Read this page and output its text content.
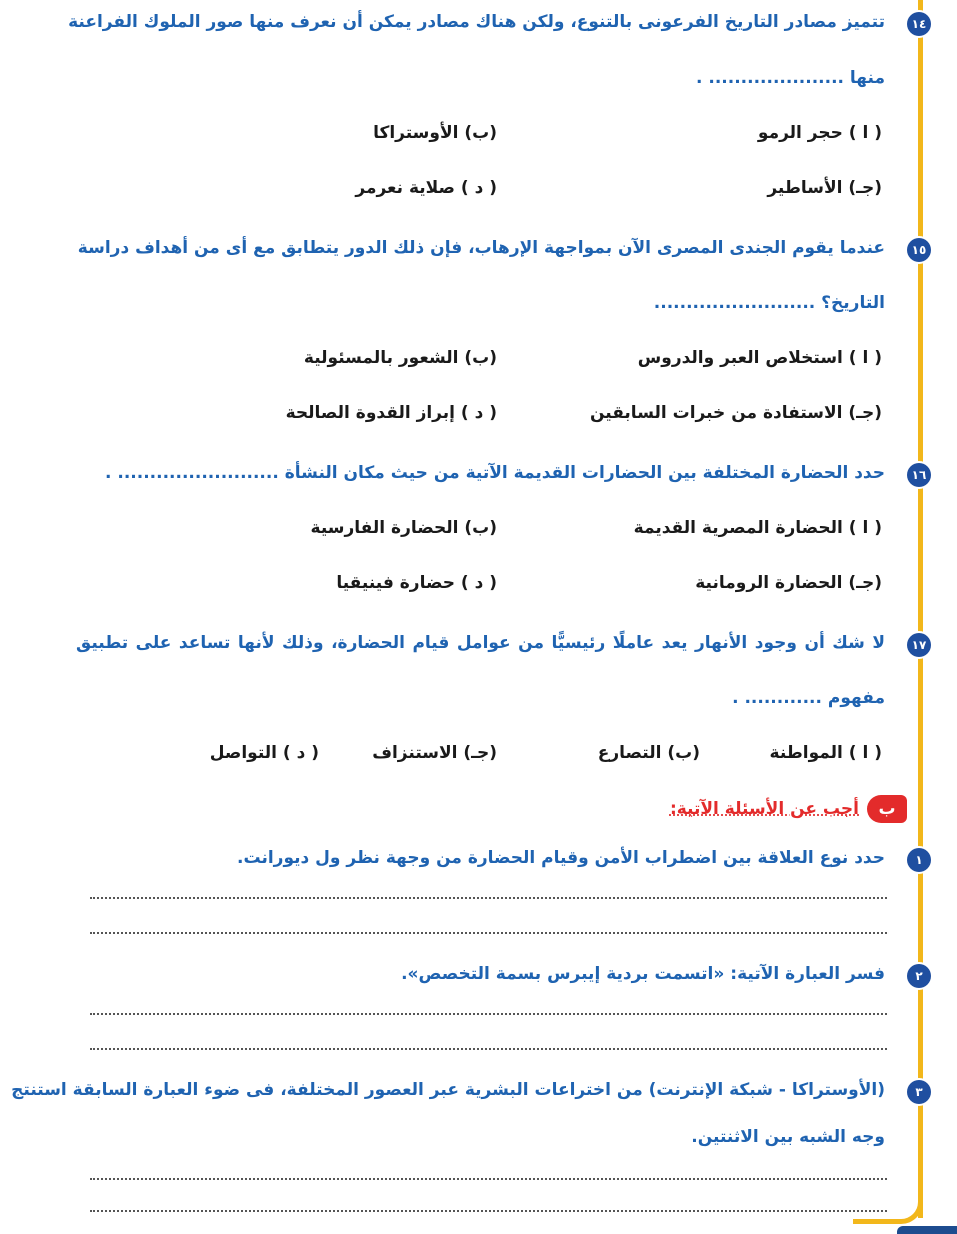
١٤
تتميز مصادر التاريخ الفرعونى بالتنوع، ولكن هناك مصادر يمكن أن نعرف منها صور الملوك الفراعنة
منها ..................... .
( ا ) حجر الرمو
(ب) الأوستراكا
(جـ) الأساطير
( د ) صلاية نعرمر
١٥
عندما يقوم الجندى المصرى الآن بمواجهة الإرهاب، فإن ذلك الدور يتطابق مع أى من أهداف دراسة
التاريخ؟ .........................
( ا ) استخلاص العبر والدروس
(ب) الشعور بالمسئولية
(جـ) الاستفادة من خبرات السابقين
( د ) إبراز القدوة الصالحة
١٦
حدد الحضارة المختلفة بين الحضارات القديمة الآتية من حيث مكان النشأة ......................... .
( ا ) الحضارة المصرية القديمة
(ب) الحضارة الفارسية
(جـ) الحضارة الرومانية
( د ) حضارة فينيقيا
١٧
لا شك أن وجود الأنهار يعد عاملًا رئيسيًّا من عوامل قيام الحضارة، وذلك لأنها تساعد على تطبيق
مفهوم ............ .
( ا ) المواطنة
(ب) التصارع
(جـ) الاستنزاف
( د ) التواصل
ب
أجب عن الأسئلة الآتية:
١
حدد نوع العلاقة بين اضطراب الأمن وقيام الحضارة من وجهة نظر ول ديورانت.
٢
فسر العبارة الآتية: «اتسمت بردية إيبرس بسمة التخصص».
٣
(الأوستراكا - شبكة الإنترنت) من اختراعات البشرية عبر العصور المختلفة، فى ضوء العبارة السابقة استنتج
وجه الشبه بين الاثنتين.
